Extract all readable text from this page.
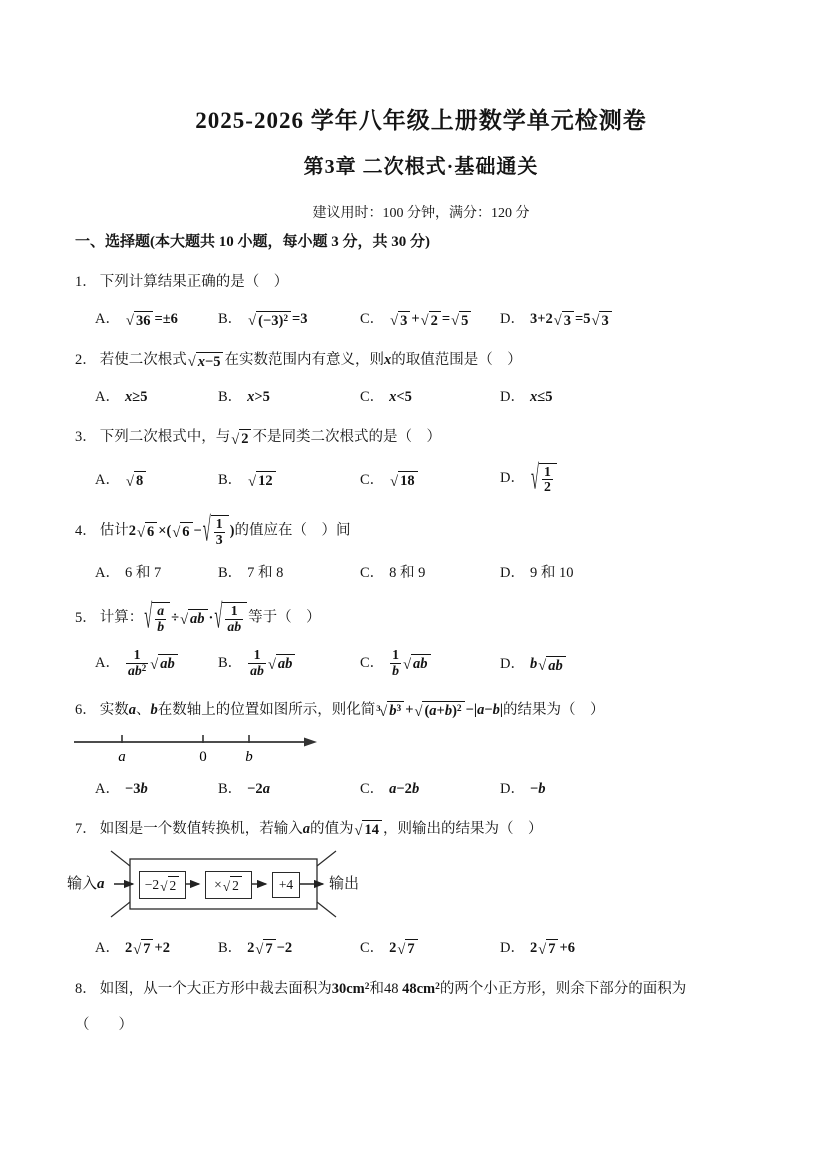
2025-2026 学年八年级上册数学单元检测卷
第3章 二次根式·基础通关
建议用时：100 分钟，满分：120 分
一、选择题(本大题共 10 小题，每小题 3 分，共 30 分)
1． 下列计算结果正确的是（　）
A． √ 36 =±6	B． √ $(-3)^2 =3$	C． √ 3 + √ 2 = √ 5 D． 3+2 √ 3 =5 √ 3
2． 若使二次根式 √ x−5 在实数范围内有意义，则x的取值范围是（　）
A． x≥5	B． x>5	C． x<5	D． x≤5
3． 下列二次根式中，与 √ 2 不是同类二次根式的是（　）
A． √ 8	B． √ 12	C． √ 18	D． √ $\frac{1}{2}$
4． 估计2 √ 6 ×( √ 6 − √ $\frac{1}{3}$ )的值应在（　）间
A． 6 和 7	B． 7 和 8	C． 8 和 9	D． 9 和 10
5． 计算： √ $\frac{a}{b}$ ÷ √ ab · √ $\frac{1}{ab}$ 等于（　）
A． $\frac{1}{ab^2}$ √ ab	B． $\frac{1}{ab}$ √ ab	C． $\frac{1}{b}$ √ ab	D． b √ ab
6． 实数a、b在数轴上的位置如图所示，则化简 $^3$√ $b^3$ + √ $(a+b)^2 -|a-b|$的结果为（　）
a	0	b
A． −3b	B． −2a	C． a−2b	D． −b
7． 如图是一个数值转换机，若输入a的值为 √ 14 ，则输出的结果为（　）
输入a	−2 √ 2	× √ 2	+4	输出
A． 2 √ 7 +2	B． 2 √ 7 −2	C． 2 √ 7	D． 2 √ 7 +6
8． 如图，从一个大正方形中裁去面积为$30cm^2$和48 $48cm^2$的两个小正方形，则余下部分的面积为
（　　）
